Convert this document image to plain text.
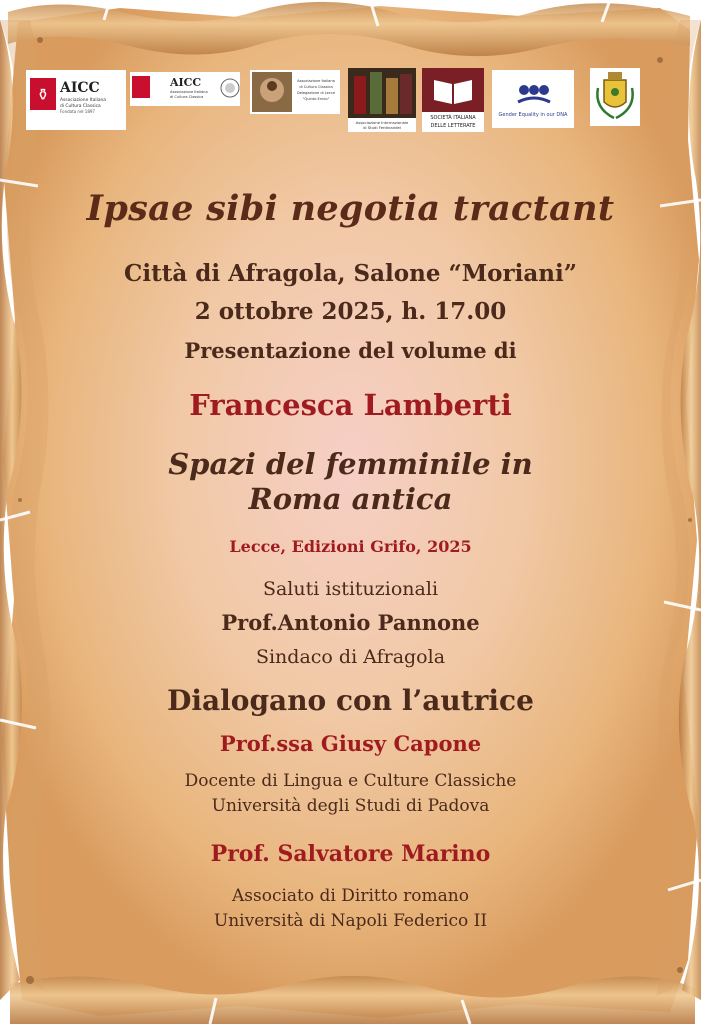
⚱ AICC
Associazione Italiana
di Cultura Classica
Fondata nel 1897
AICC
Associazione Italiana
di Cultura Classica
Associazione Italiana
di Cultura Classica
Delegazione di Lecce
"Quinto Ennio"
Associazione Internazionale
di Studi Ferdinandei
SOCIETÀ ITALIANA
DELLE LETTERATE
Gender Equality in our DNA
Ipsae sibi negotia tractant
Città di Afragola, Salone “Moriani”
2 ottobre 2025, h. 17.00
Presentazione del volume di
Francesca Lamberti
Spazi del femminile in
Roma antica
Lecce, Edizioni Grifo, 2025
Saluti istituzionali
Prof.Antonio Pannone
Sindaco di Afragola
Dialogano con l’autrice
Prof.ssa Giusy Capone
Docente di Lingua e Culture Classiche
Università degli Studi di Padova
Prof. Salvatore Marino
Associato di Diritto romano
Università di Napoli Federico II
